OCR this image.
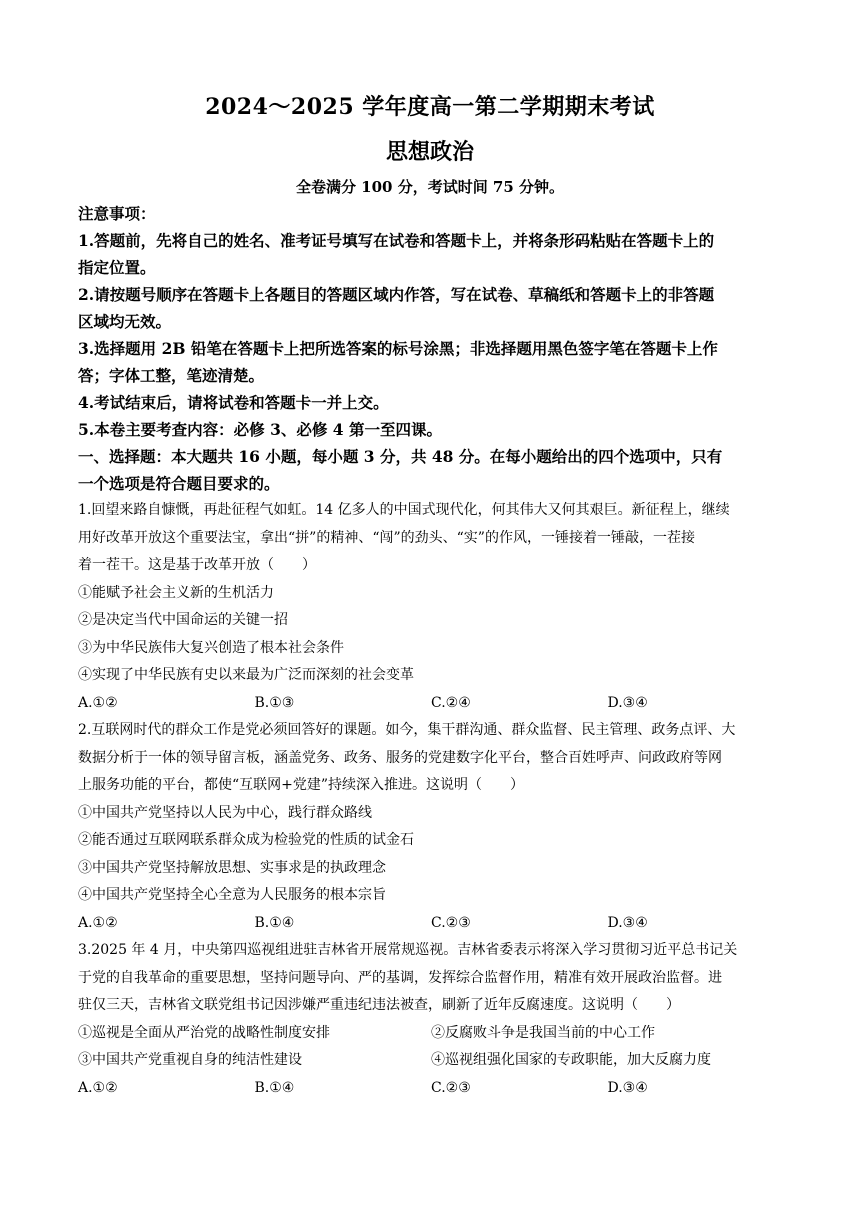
2024～2025 学年度高一第二学期期末考试
思想政治
全卷满分 100 分，考试时间 75 分钟。

注意事项：

1.答题前，先将自己的姓名、准考证号填写在试卷和答题卡上，并将条形码粘贴在答题卡上的

指定位置。

2.请按题号顺序在答题卡上各题目的答题区域内作答，写在试卷、草稿纸和答题卡上的非答题

区域均无效。

3.选择题用 2B 铅笔在答题卡上把所选答案的标号涂黑；非选择题用黑色签字笔在答题卡上作

答；字体工整，笔迹清楚。

4.考试结束后，请将试卷和答题卡一并上交。

5.本卷主要考查内容：必修 3、必修 4 第一至四课。

一、选择题：本大题共 16 小题，每小题 3 分，共 48 分。在每小题给出的四个选项中，只有

一个选项是符合题目要求的。

1.回望来路自慷慨，再赴征程气如虹。14 亿多人的中国式现代化，何其伟大又何其艰巨。新征程上，继续

用好改革开放这个重要法宝，拿出“拼”的精神、“闯”的劲头、“实”的作风，一锤接着一锤敲，一茬接

着一茬干。这是基于改革开放（　　）

①能赋予社会主义新的生机活力

②是决定当代中国命运的关键一招

③为中华民族伟大复兴创造了根本社会条件

④实现了中华民族有史以来最为广泛而深刻的社会变革

A.①②	B.①③	C.②④	D.③④

2.互联网时代的群众工作是党必须回答好的课题。如今，集干群沟通、群众监督、民主管理、政务点评、大

数据分析于一体的领导留言板，涵盖党务、政务、服务的党建数字化平台，整合百姓呼声、问政政府等网

上服务功能的平台，都使“互联网+党建”持续深入推进。这说明（　　）

①中国共产党坚持以人民为中心，践行群众路线

②能否通过互联网联系群众成为检验党的性质的试金石

③中国共产党坚持解放思想、实事求是的执政理念

④中国共产党坚持全心全意为人民服务的根本宗旨

A.①②	B.①④	C.②③	D.③④

3.2025 年 4 月，中央第四巡视组进驻吉林省开展常规巡视。吉林省委表示将深入学习贯彻习近平总书记关

于党的自我革命的重要思想，坚持问题导向、严的基调，发挥综合监督作用，精准有效开展政治监督。进

驻仅三天，吉林省文联党组书记因涉嫌严重违纪违法被查，刷新了近年反腐速度。这说明（　　）

①巡视是全面从严治党的战略性制度安排	②反腐败斗争是我国当前的中心工作
③中国共产党重视自身的纯洁性建设	④巡视组强化国家的专政职能，加大反腐力度
A.①②	B.①④	C.②③	D.③④
